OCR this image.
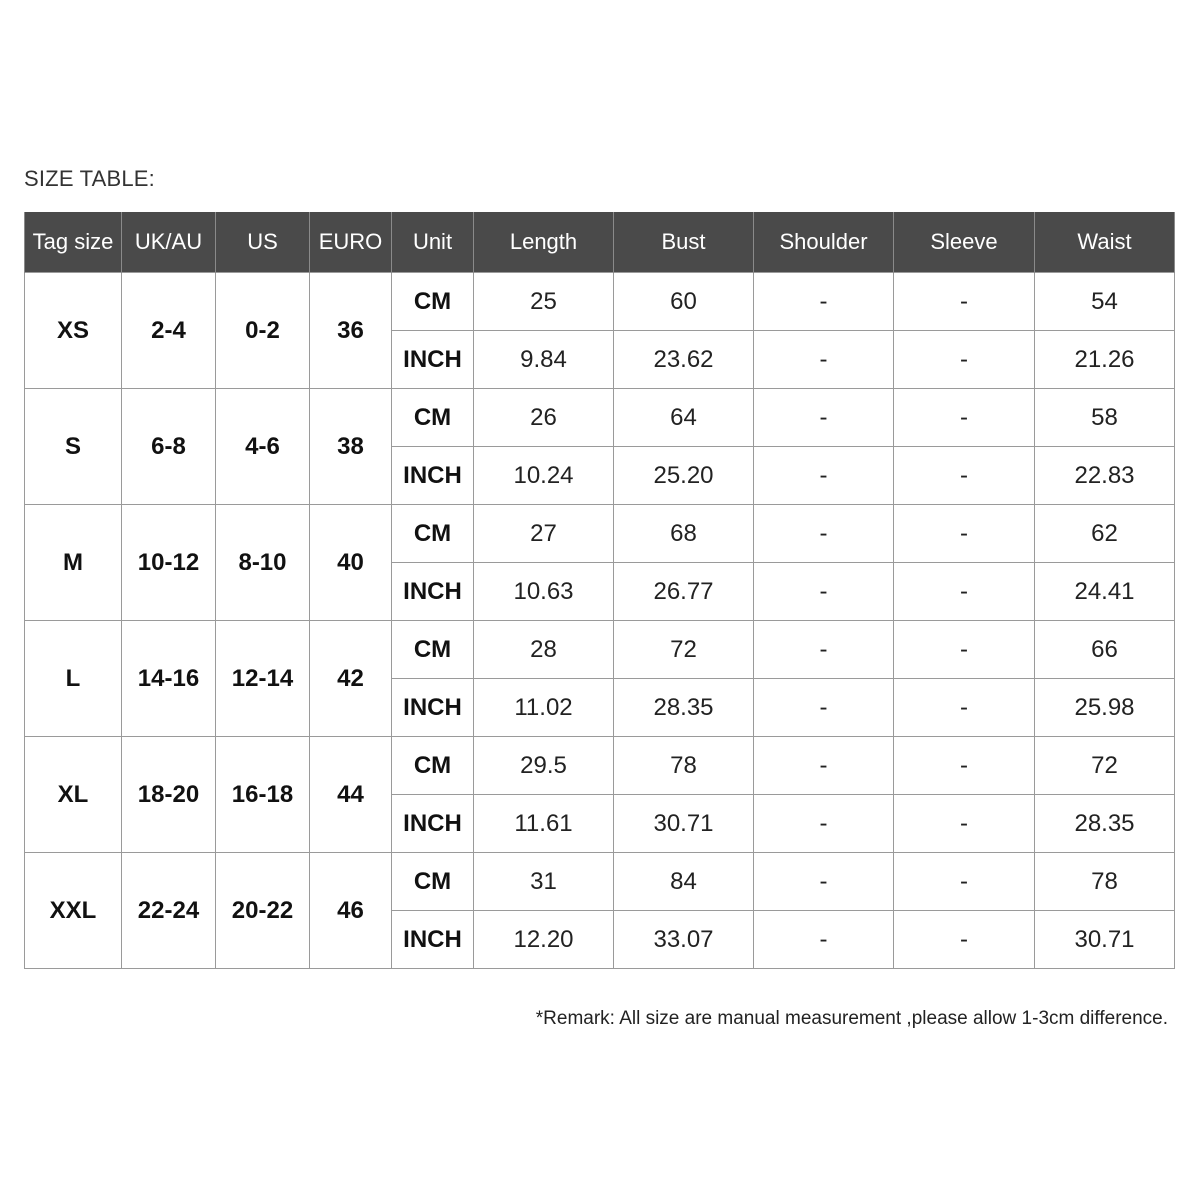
SIZE TABLE:
Tag size	UK/AU	US	EURO	Unit	Length	Bust	Shoulder	Sleeve	Waist
XS	2-4	0-2	36	CM	25	60	-	-	54
				INCH	9.84	23.62	-	-	21.26
S	6-8	4-6	38	CM	26	64	-	-	58
				INCH	10.24	25.20	-	-	22.83
M	10-12	8-10	40	CM	27	68	-	-	62
				INCH	10.63	26.77	-	-	24.41
L	14-16	12-14	42	CM	28	72	-	-	66
				INCH	11.02	28.35	-	-	25.98
XL	18-20	16-18	44	CM	29.5	78	-	-	72
				INCH	11.61	30.71	-	-	28.35
XXL	22-24	20-22	46	CM	31	84	-	-	78
				INCH	12.20	33.07	-	-	30.71
*Remark: All size are manual measurement ,please allow 1-3cm difference.
